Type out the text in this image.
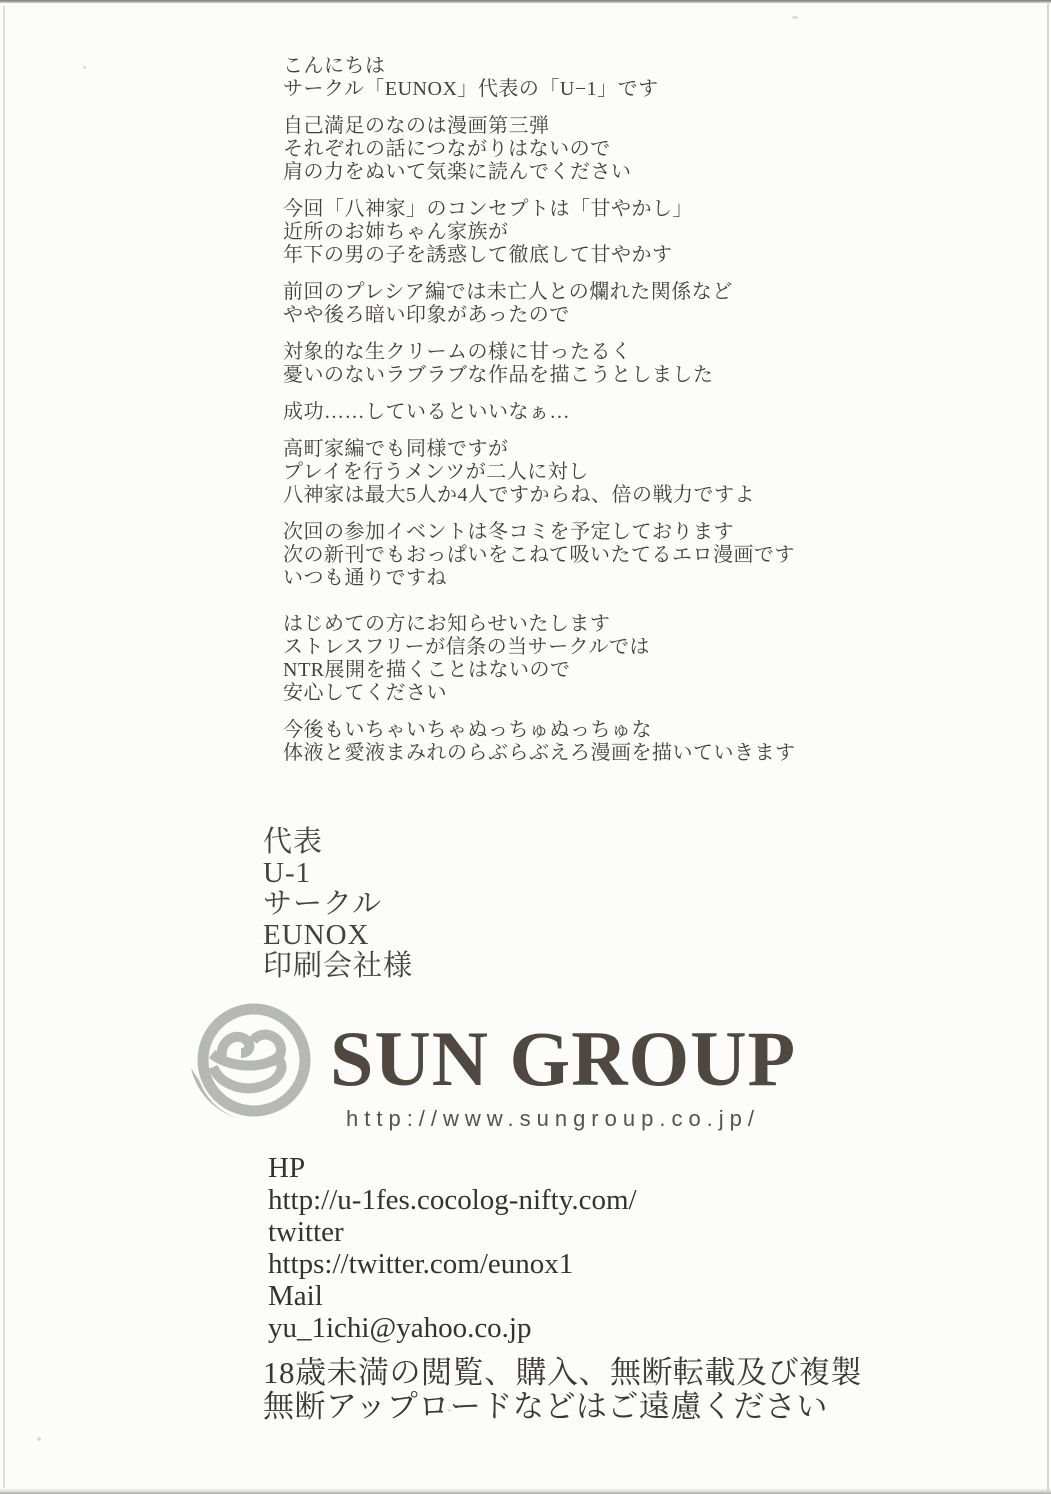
こんにちは
サークル「EUNOX」代表の「U−1」です

自己満足のなのは漫画第三弾
それぞれの話につながりはないので
肩の力をぬいて気楽に読んでください

今回「八神家」のコンセプトは「甘やかし」
近所のお姉ちゃん家族が
年下の男の子を誘惑して徹底して甘やかす

前回のプレシア編では未亡人との爛れた関係など
やや後ろ暗い印象があったので

対象的な生クリームの様に甘ったるく
憂いのないラブラブな作品を描こうとしました

成功……しているといいなぁ…

高町家編でも同様ですが
プレイを行うメンツが二人に対し
八神家は最大5人か4人ですからね、倍の戦力ですよ

次回の参加イベントは冬コミを予定しております
次の新刊でもおっぱいをこねて吸いたてるエロ漫画です
いつも通りですね

はじめての方にお知らせいたします
ストレスフリーが信条の当サークルでは
NTR展開を描くことはないので
安心してください

今後もいちゃいちゃぬっちゅぬっちゅな
体液と愛液まみれのらぶらぶえろ漫画を描いていきます

代表
U-1
サークル
EUNOX
印刷会社様
SUN GROUP
http://www.sungroup.co.jp/
HP
http://u-1fes.cocolog-nifty.com/
twitter
https://twitter.com/eunox1
Mail
yu_1ichi@yahoo.co.jp
18歳未満の閲覧、購入、無断転載及び複製
無断アップロードなどはご遠慮ください
